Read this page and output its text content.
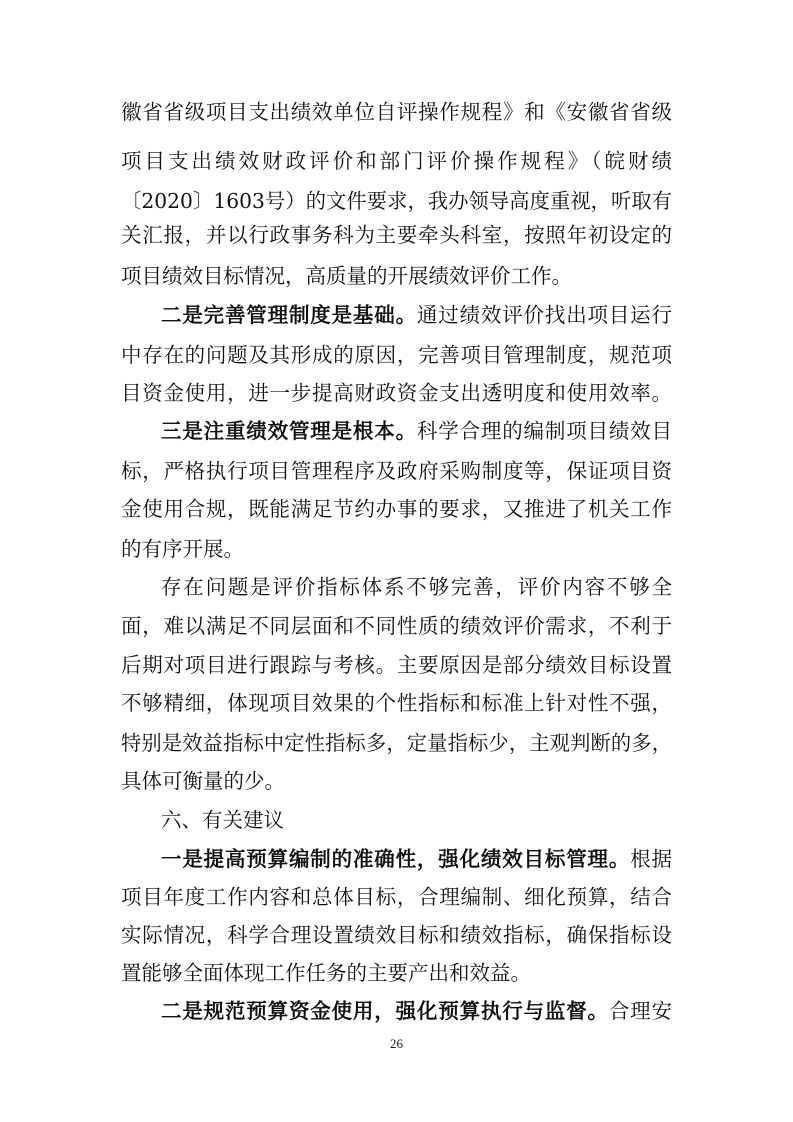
徽省省级项目支出绩效单位自评操作规程》和《安徽省省级
项目支出绩效财政评价和部门评价操作规程》（皖财绩
〔2020〕1603号）的文件要求，我办领导高度重视，听取有
关汇报，并以行政事务科为主要牵头科室，按照年初设定的
项目绩效目标情况，高质量的开展绩效评价工作。
二是完善管理制度是基础。通过绩效评价找出项目运行
中存在的问题及其形成的原因，完善项目管理制度，规范项
目资金使用，进一步提高财政资金支出透明度和使用效率。
三是注重绩效管理是根本。科学合理的编制项目绩效目
标，严格执行项目管理程序及政府采购制度等，保证项目资
金使用合规，既能满足节约办事的要求，又推进了机关工作
的有序开展。
存在问题是评价指标体系不够完善，评价内容不够全
面，难以满足不同层面和不同性质的绩效评价需求，不利于
后期对项目进行跟踪与考核。主要原因是部分绩效目标设置
不够精细，体现项目效果的个性指标和标准上针对性不强，
特别是效益指标中定性指标多，定量指标少，主观判断的多，
具体可衡量的少。
六、有关建议
一是提高预算编制的准确性，强化绩效目标管理。根据
项目年度工作内容和总体目标，合理编制、细化预算，结合
实际情况，科学合理设置绩效目标和绩效指标，确保指标设
置能够全面体现工作任务的主要产出和效益。
二是规范预算资金使用，强化预算执行与监督。合理安
26
